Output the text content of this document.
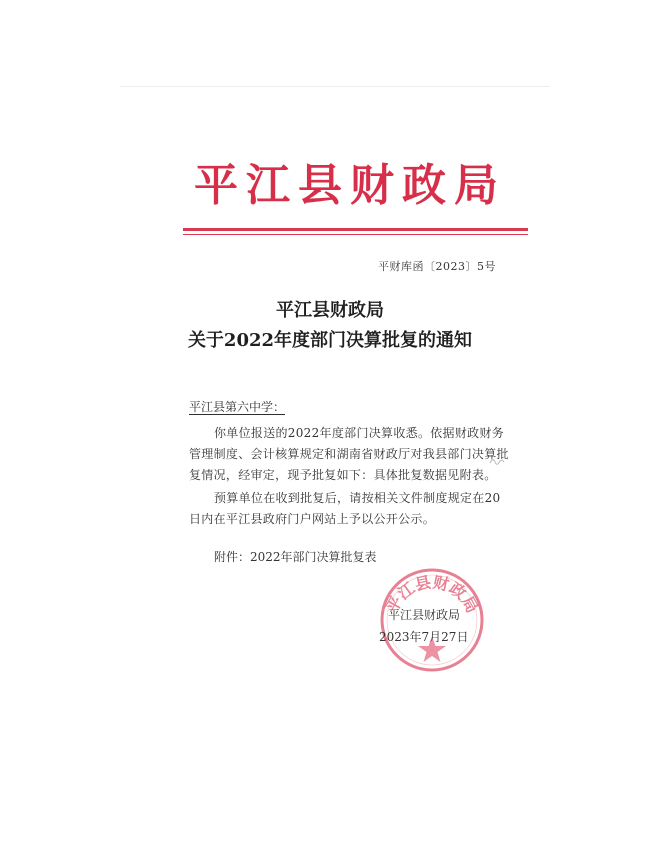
平江县财政局
平财库函〔2023〕5号
平江县财政局
关于2022年度部门决算批复的通知
平江县第六中学：
你单位报送的2022年度部门决算收悉。依据财政财务
管理制度、会计核算规定和湖南省财政厅对我县部门决算批
复情况，经审定，现予批复如下：具体批复数据见附表。
预算单位在收到批复后，请按相关文件制度规定在20
日内在平江县政府门户网站上予以公开公示。
附件：2022年部门决算批复表
平江县财政局
平江县财政局
2023年7月27日
